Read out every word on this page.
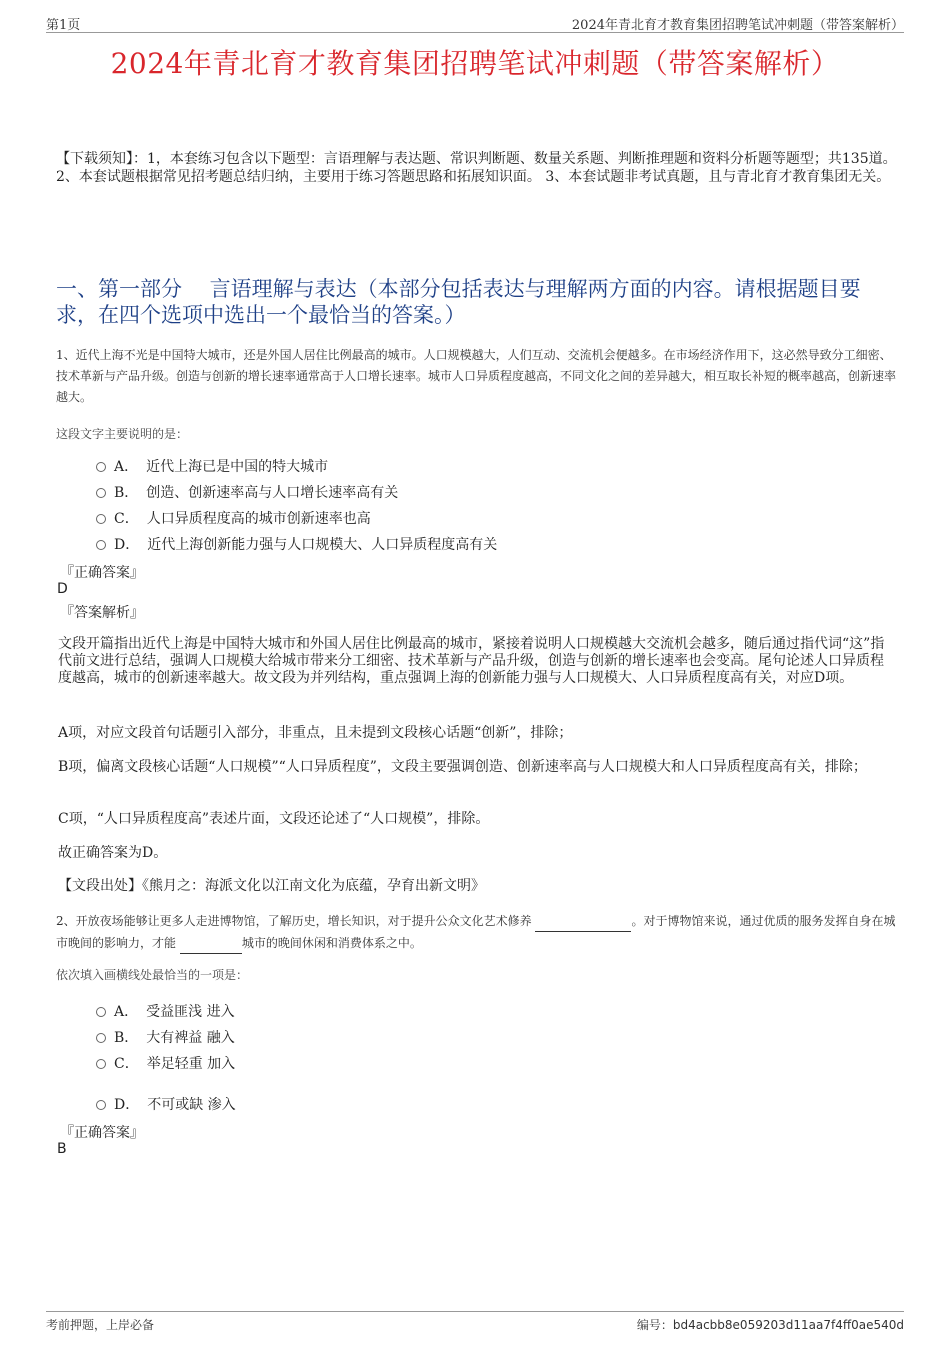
第1页	2024年青北育才教育集团招聘笔试冲刺题（带答案解析）
2024年青北育才教育集团招聘笔试冲刺题（带答案解析）
【下载须知】：1，本套练习包含以下题型：言语理解与表达题、常识判断题、数量关系题、判断推理题和资料分析题等题型；共135道。 2、本套试题根据常见招考题总结归纳，主要用于练习答题思路和拓展知识面。 3、本套试题非考试真题，且与青北育才教育集团无关。
一、第一部分　 言语理解与表达（本部分包括表达与理解两方面的内容。请根据题目要求，在四个选项中选出一个最恰当的答案。）
1、近代上海不光是中国特大城市，还是外国人居住比例最高的城市。人口规模越大，人们互动、交流机会便越多。在市场经济作用下，这必然导致分工细密、技术革新与产品升级。创造与创新的增长速率通常高于人口增长速率。城市人口异质程度越高，不同文化之间的差异越大，相互取长补短的概率越高，创新速率越大。
这段文字主要说明的是：
A． 近代上海已是中国的特大城市
B． 创造、创新速率高与人口增长速率高有关
C． 人口异质程度高的城市创新速率也高
D． 近代上海创新能力强与人口规模大、人口异质程度高有关
『正确答案』
D
『答案解析』
文段开篇指出近代上海是中国特大城市和外国人居住比例最高的城市，紧接着说明人口规模越大交流机会越多，随后通过指代词“这”指代前文进行总结，强调人口规模大给城市带来分工细密、技术革新与产品升级，创造与创新的增长速率也会变高。尾句论述人口异质程度越高，城市的创新速率越大。故文段为并列结构，重点强调上海的创新能力强与人口规模大、人口异质程度高有关，对应D项。
A项，对应文段首句话题引入部分，非重点，且未提到文段核心话题“创新”，排除；
B项，偏离文段核心话题“人口规模”“人口异质程度”，文段主要强调创造、创新速率高与人口规模大和人口异质程度高有关，排除；
C项，“人口异质程度高”表述片面，文段还论述了“人口规模”，排除。
故正确答案为D。
【文段出处】《熊月之：海派文化以江南文化为底蕴，孕育出新文明》
2、开放夜场能够让更多人走进博物馆，了解历史，增长知识，对于提升公众文化艺术修养	。对于博物馆来说，通过优质的服务发挥自身在城市晚间的影响力，才能	城市的晚间休闲和消费体系之中。
依次填入画横线处最恰当的一项是：
A． 受益匪浅 进入
B． 大有裨益 融入
C． 举足轻重 加入
D． 不可或缺 渗入
『正确答案』
B
考前押题，上岸必备	编号：bd4acbb8e059203d11aa7f4ff0ae540d
